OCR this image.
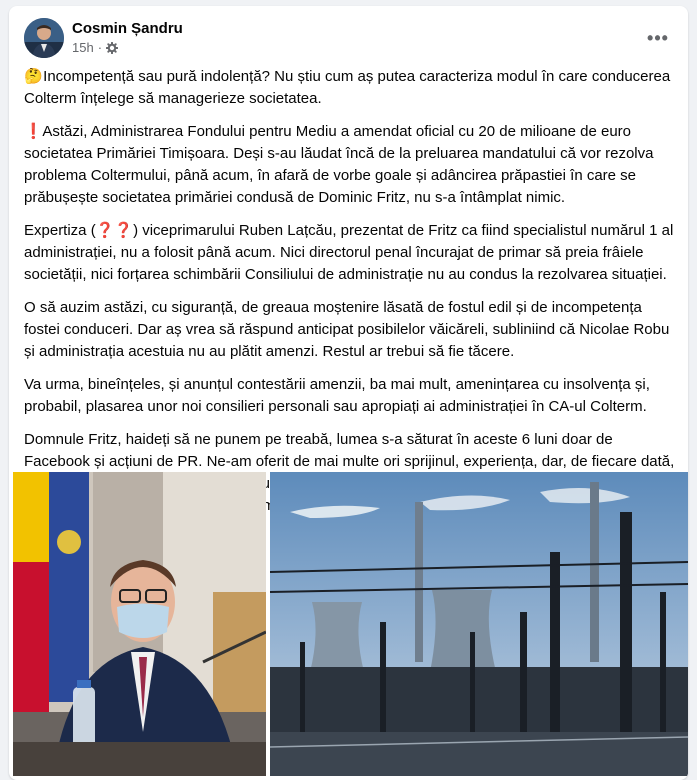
Cosmin Șandru
15h ·	•••

🤔 Incompetență sau pură indolență? Nu știu cum aș putea caracteriza modul în care conducerea Colterm înțelege să managerieze societatea.

❗ Astăzi, Administrarea Fondului pentru Mediu a amendat oficial cu 20 de milioane de euro societatea Primăriei Timișoara. Deși s-au lăudat încă de la preluarea mandatului că vor rezolva problema Coltermului, până acum, în afară de vorbe goale și adâncirea prăpastiei în care se prăbușește societatea primăriei condusă de Dominic Fritz, nu s-a întâmplat nimic.

Expertiza (❓❓) viceprimarului Ruben Lațcău, prezentat de Fritz ca fiind specialistul numărul 1 al administrației, nu a folosit până acum. Nici directorul penal încurajat de primar să preia frâiele societății, nici forțarea schimbării Consiliului de administrație nu au condus la rezolvarea situației.

O să auzim astăzi, cu siguranță, de greaua moștenire lăsată de fostul edil și de incompetența fostei conduceri. Dar aș vrea să răspund anticipat posibilelor văicăreli, subliniind că Nicolae Robu și administrația acestuia nu au plătit amenzi. Restul ar trebui să fie tăcere.

Va urma, bineînțeles, și anunțul contestării amenzii, ba mai mult, amenințarea cu insolvența și, probabil, plasarea unor noi consilieri personali sau apropiați ai administrației în CA-ul Colterm.

Domnule Fritz, haideți să ne punem pe treabă, lumea s-a săturat în aceste 6 luni doar de Facebook și acțiuni de PR. Ne-am oferit de mai multe ori sprijinul, experiența, dar, de fiecare dată,
